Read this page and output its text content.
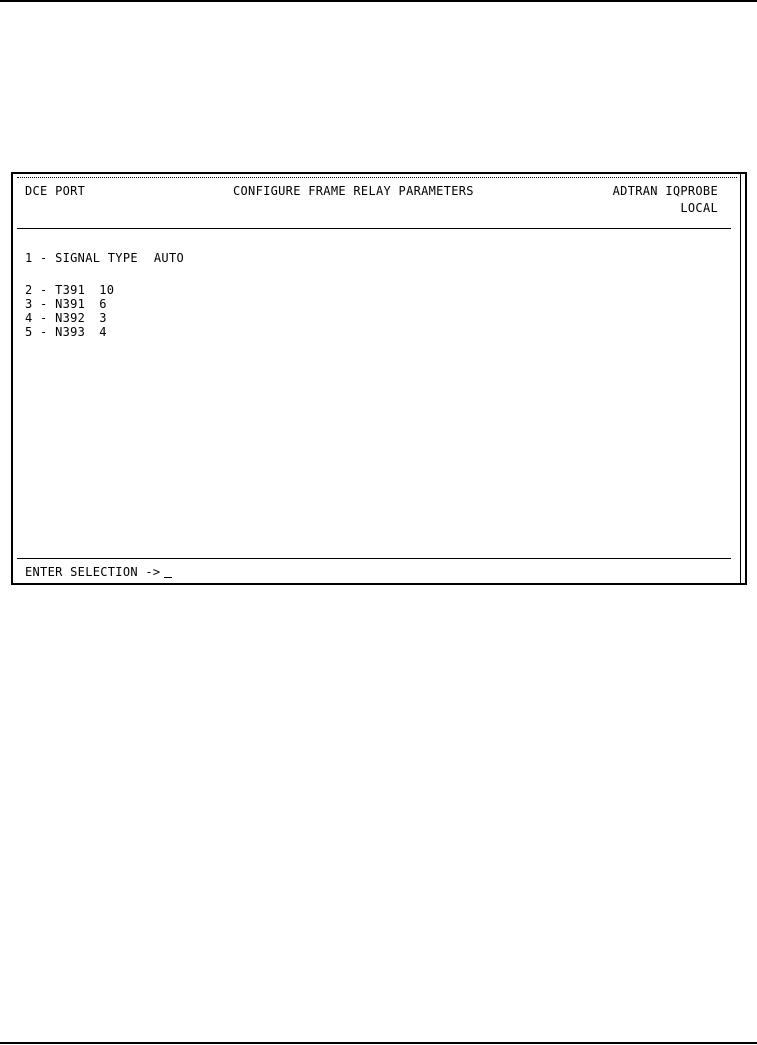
DCE PORT	CONFIGURE FRAME RELAY PARAMETERS	ADTRAN IQPROBE
LOCAL
1 - SIGNAL TYPE AUTO
2 - T391 10
3 - N391 6
4 - N392 3
5 - N393 4
ENTER SELECTION ->
